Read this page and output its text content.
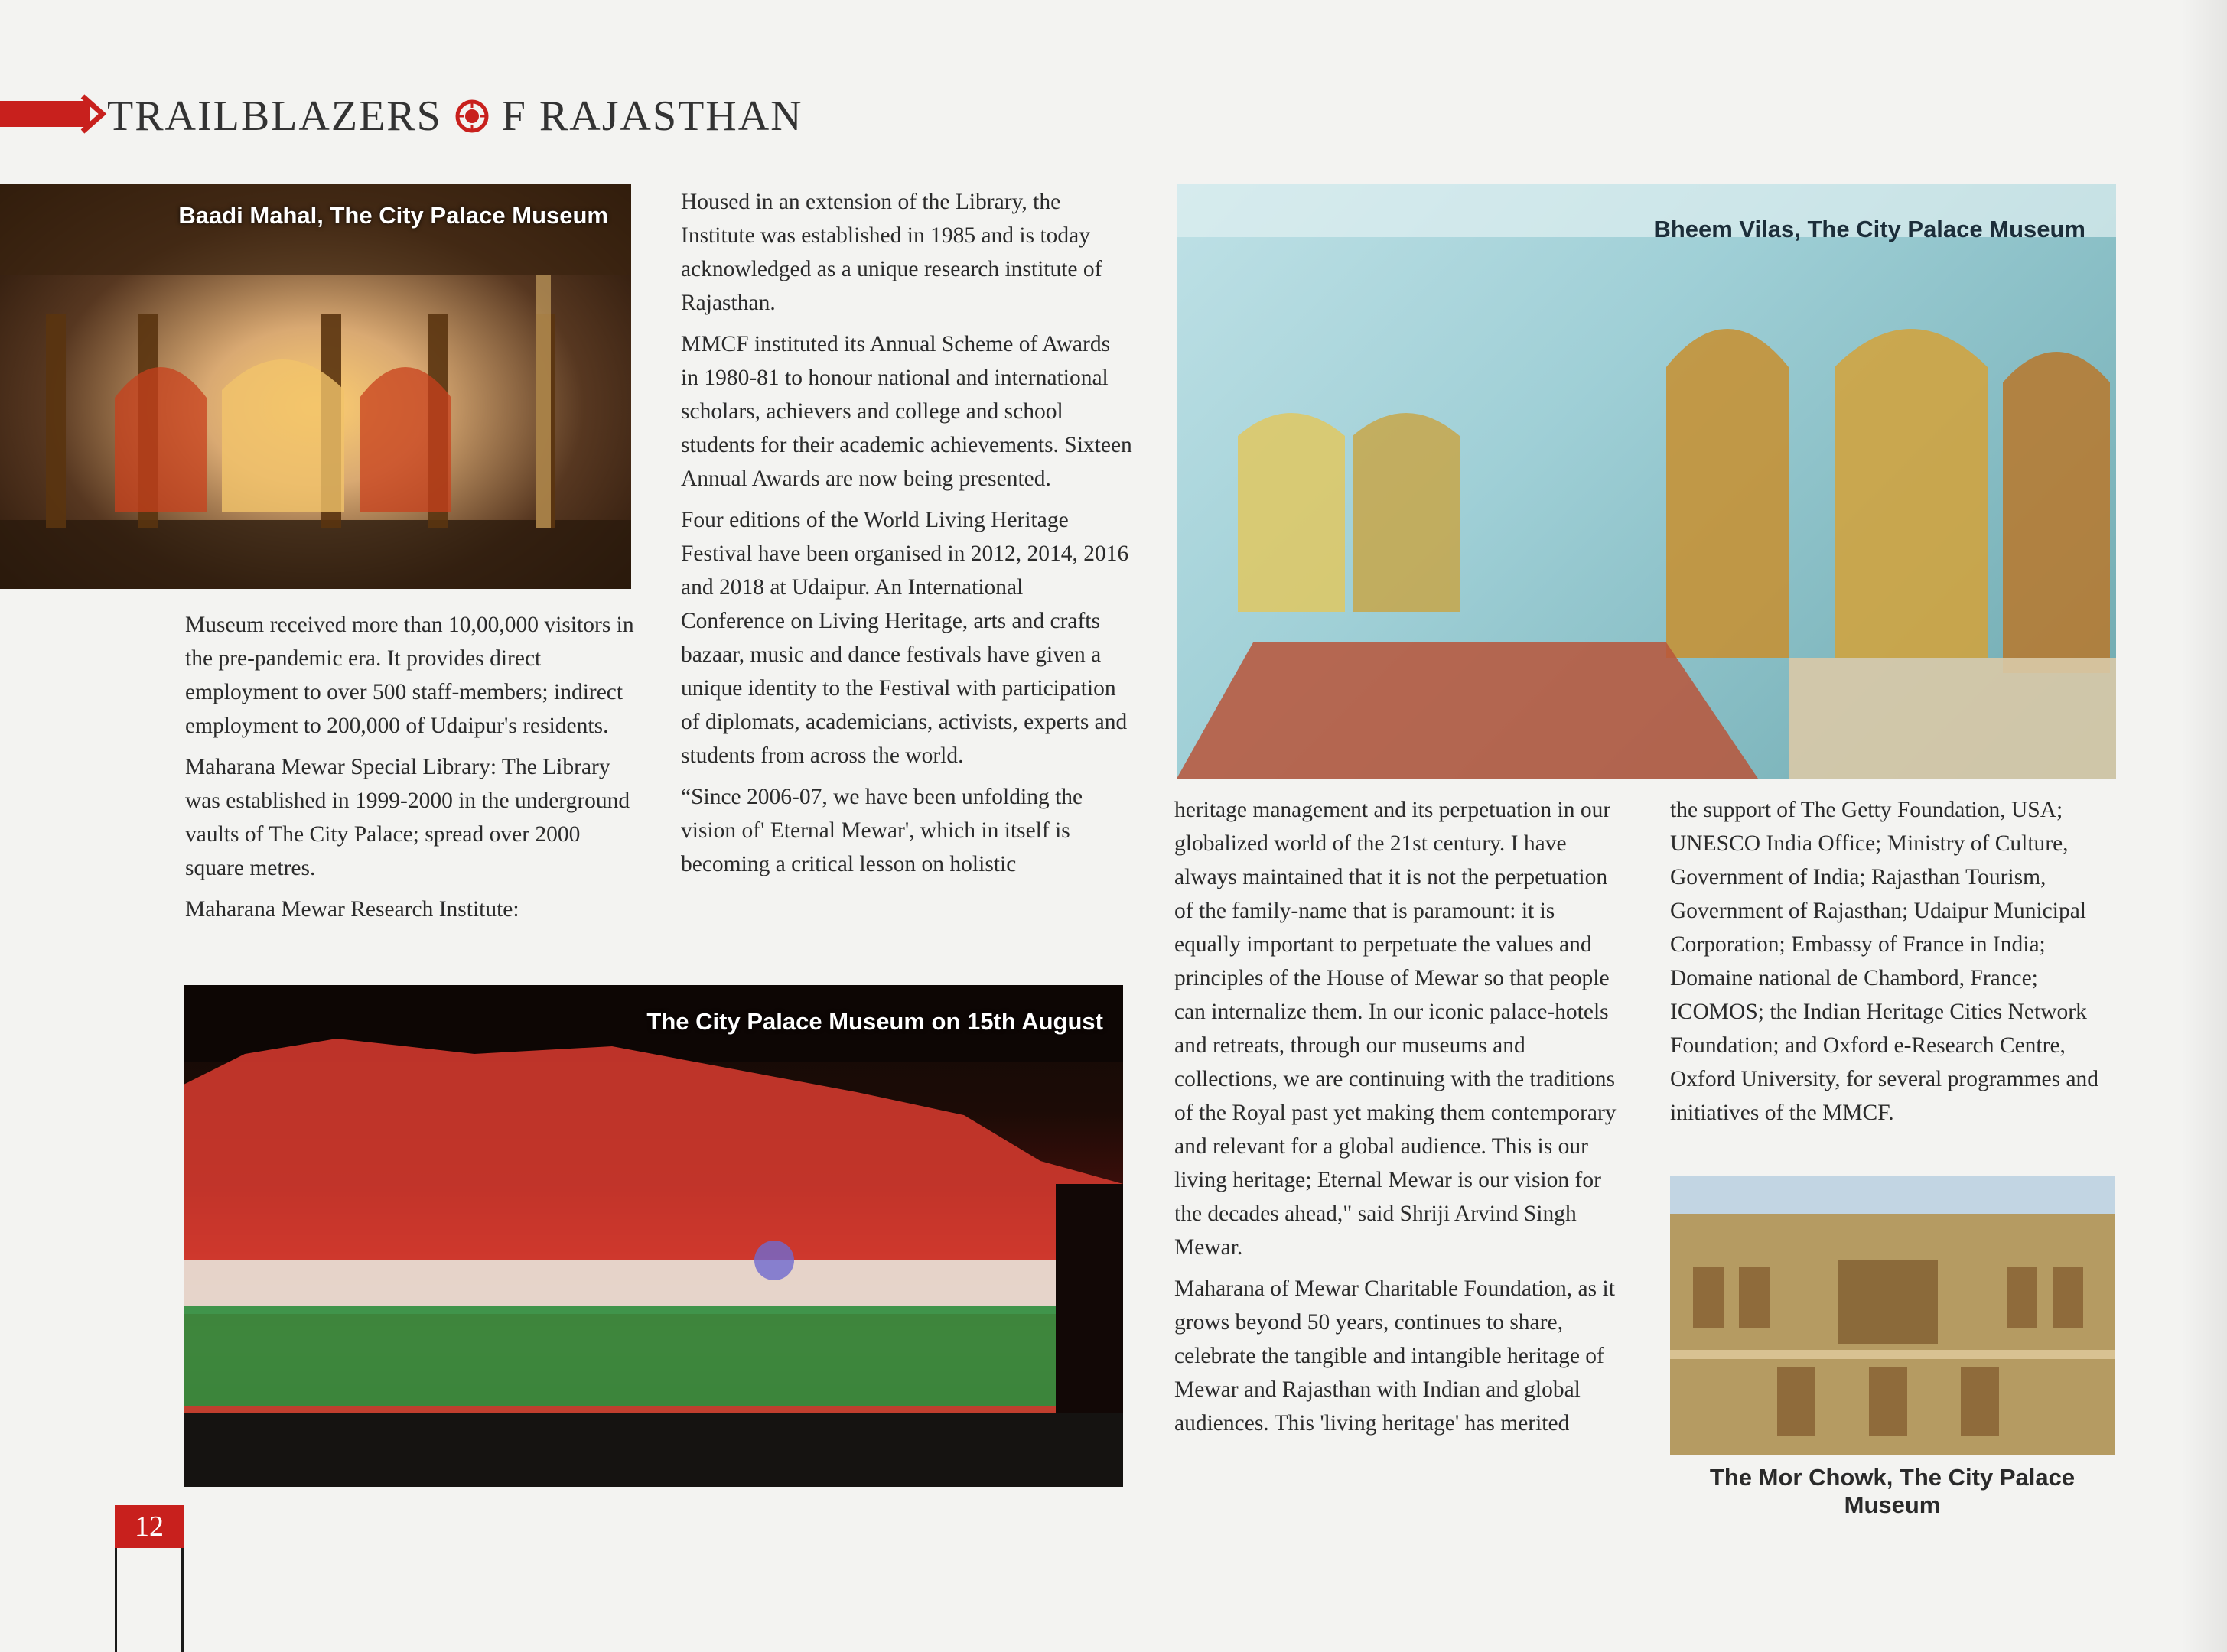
TRAILBLAZERS F RAJASTHAN
Baadi Mahal, The City Palace Museum
Bheem Vilas, The City Palace Museum
The City Palace Museum on 15th August
The Mor Chowk, The City Palace Museum

Museum received more than 10,00,000 visitors in the pre-pandemic era. It provides direct employment to over 500 staff-members; indirect employment to 200,000 of Udaipur's residents.

Maharana Mewar Special Library: The Library was established in 1999-2000 in the underground vaults of The City Palace; spread over 2000 square metres.

Maharana Mewar Research Institute:

Housed in an extension of the Library, the Institute was established in 1985 and is today acknowledged as a unique research institute of Rajasthan.

MMCF instituted its Annual Scheme of Awards in 1980-81 to honour national and international scholars, achievers and college and school students for their academic achievements. Sixteen Annual Awards are now being presented.

Four editions of the World Living Heritage Festival have been organised in 2012, 2014, 2016 and 2018 at Udaipur. An International Conference on Living Heritage, arts and crafts bazaar, music and dance festivals have given a unique identity to the Festival with participation of diplomats, academicians, activists, experts and students from across the world.

“Since 2006-07, we have been unfolding the vision of' Eternal Mewar', which in itself is becoming a critical lesson on holistic

heritage management and its perpetuation in our globalized world of the 21st century. I have always maintained that it is not the perpetuation of the family-name that is paramount: it is equally important to perpetuate the values and principles of the House of Mewar so that people can internalize them. In our iconic palace-hotels and retreats, through our museums and collections, we are continuing with the traditions of the Royal past yet making them contemporary and relevant for a global audience. This is our living heritage; Eternal Mewar is our vision for the decades ahead," said Shriji Arvind Singh Mewar.

Maharana of Mewar Charitable Foundation, as it grows beyond 50 years, continues to share, celebrate the tangible and intangible heritage of Mewar and Rajasthan with Indian and global audiences. This 'living heritage' has merited

the support of The Getty Foundation, USA; UNESCO India Office; Ministry of Culture, Government of India; Rajasthan Tourism, Government of Rajasthan; Udaipur Municipal Corporation; Embassy of France in India; Domaine national de Chambord, France; ICOMOS; the Indian Heritage Cities Network Foundation; and Oxford e-Research Centre, Oxford University, for several programmes and initiatives of the MMCF.

12
